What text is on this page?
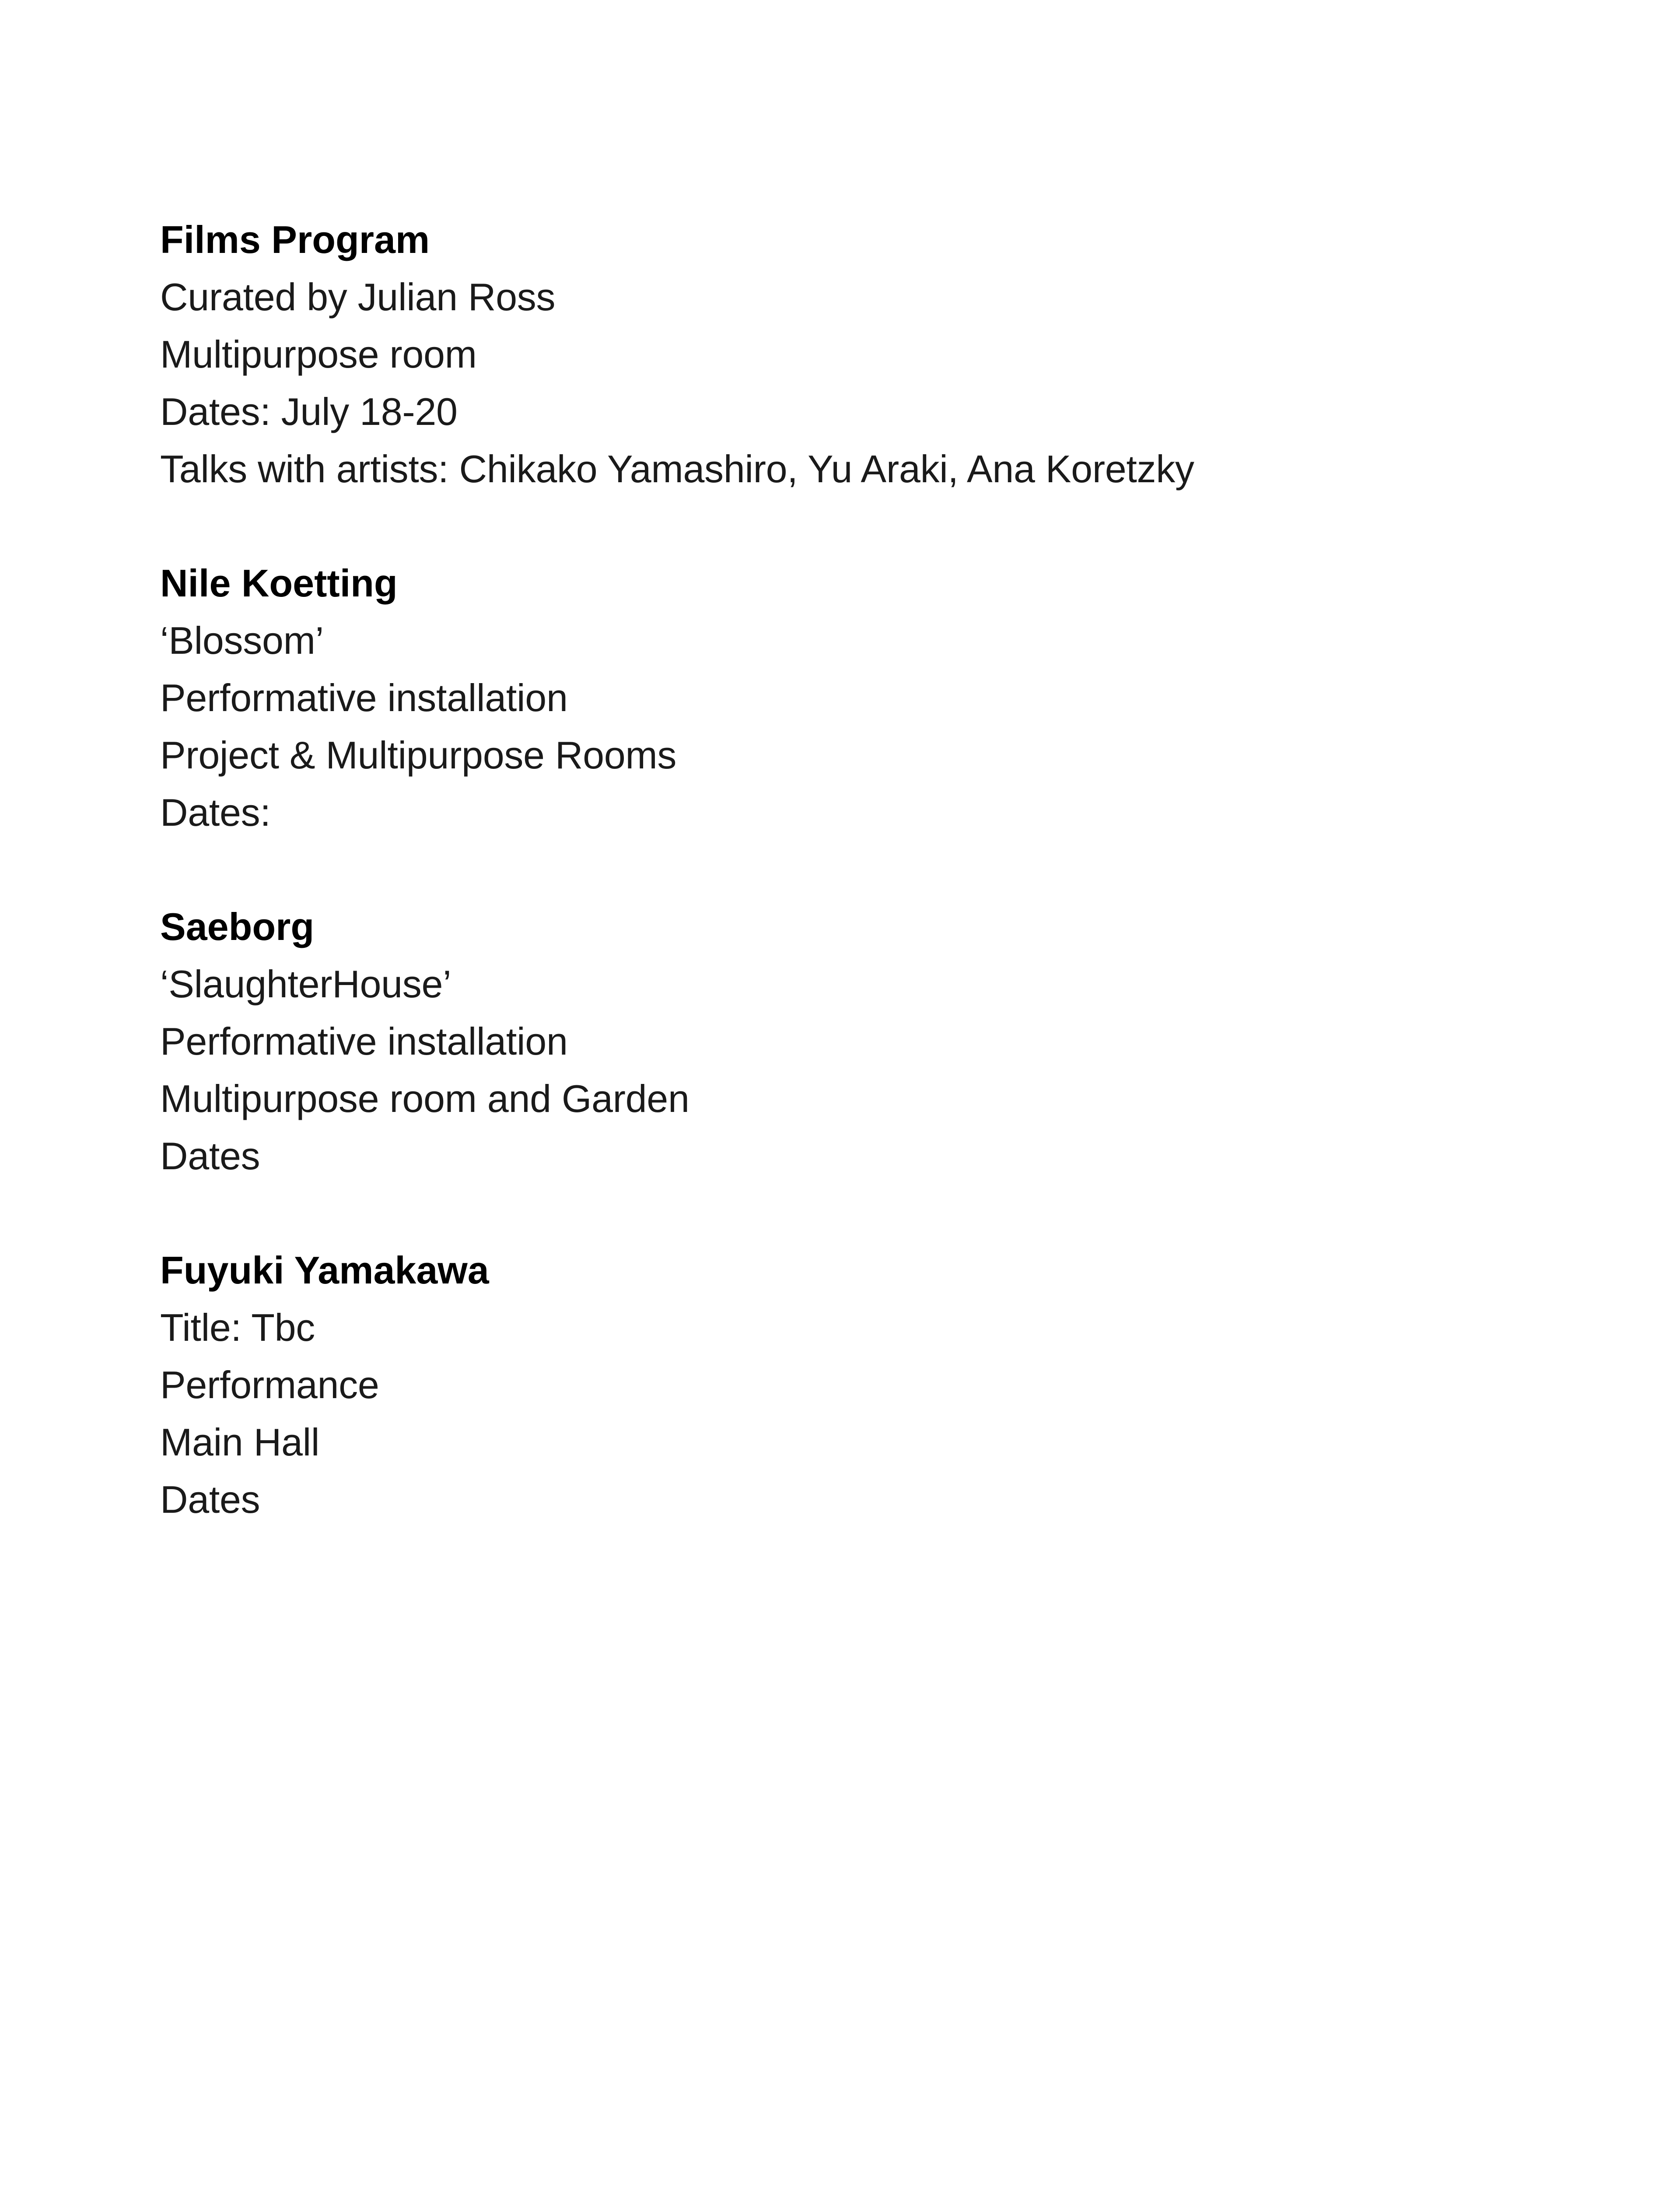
Films Program
Curated by Julian Ross
Multipurpose room
Dates: July 18-20
Talks with artists: Chikako Yamashiro, Yu Araki, Ana Koretzky
Nile Koetting
‘Blossom’
Performative installation
Project & Multipurpose Rooms
Dates:
Saeborg
‘SlaughterHouse’
Performative installation
Multipurpose room and Garden
Dates
Fuyuki Yamakawa
Title: Tbc
Performance
Main Hall
Dates
